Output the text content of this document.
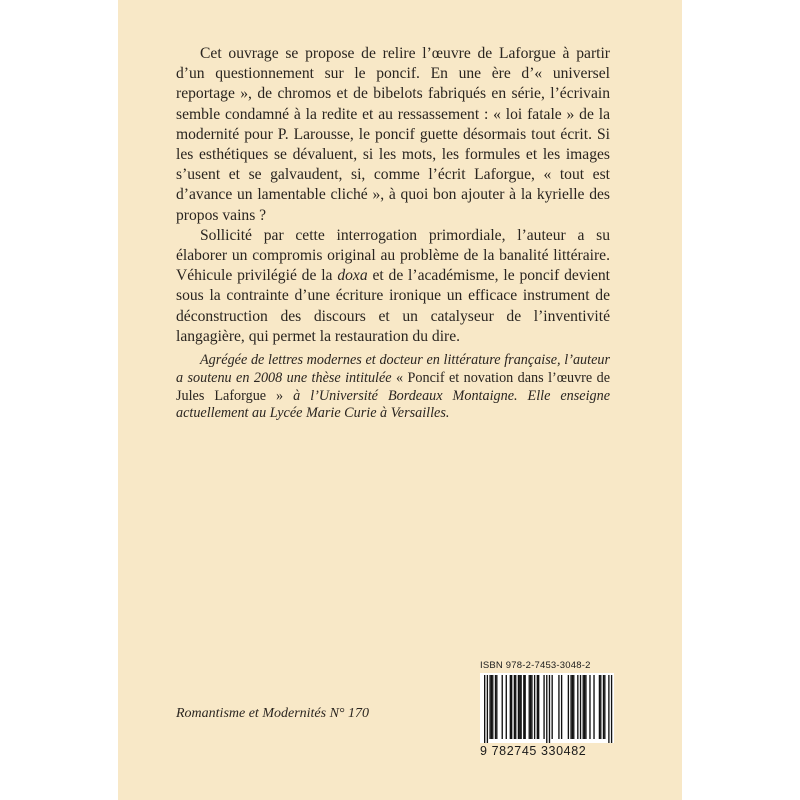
Cet ouvrage se propose de relire l’œuvre de Laforgue à partir d’un questionnement sur le poncif. En une ère d’« universel reportage », de chromos et de bibelots fabriqués en série, l’écrivain semble condamné à la redite et au ressassement : « loi fatale » de la modernité pour P. Larousse, le poncif guette désormais tout écrit. Si les esthétiques se dévaluent, si les mots, les formules et les images s’usent et se galvaudent, si, comme l’écrit Laforgue, « tout est d’avance un lamentable cliché », à quoi bon ajouter à la kyrielle des propos vains ?

Sollicité par cette interrogation primordiale, l’auteur a su élaborer un compromis original au problème de la banalité littéraire. Véhicule privilégié de la doxa et de l’académisme, le poncif devient sous la contrainte d’une écriture ironique un efficace instrument de déconstruction des discours et un catalyseur de l’inventivité langagière, qui permet la restauration du dire.

Agrégée de lettres modernes et docteur en littérature française, l’auteur a soutenu en 2008 une thèse intitulée « Poncif et novation dans l’œuvre de Jules Laforgue » à l’Université Bordeaux Montaigne. Elle enseigne actuellement au Lycée Marie Curie à Versailles.
Romantisme et Modernités N° 170
ISBN 978-2-7453-3048-2
9 782745 330482
